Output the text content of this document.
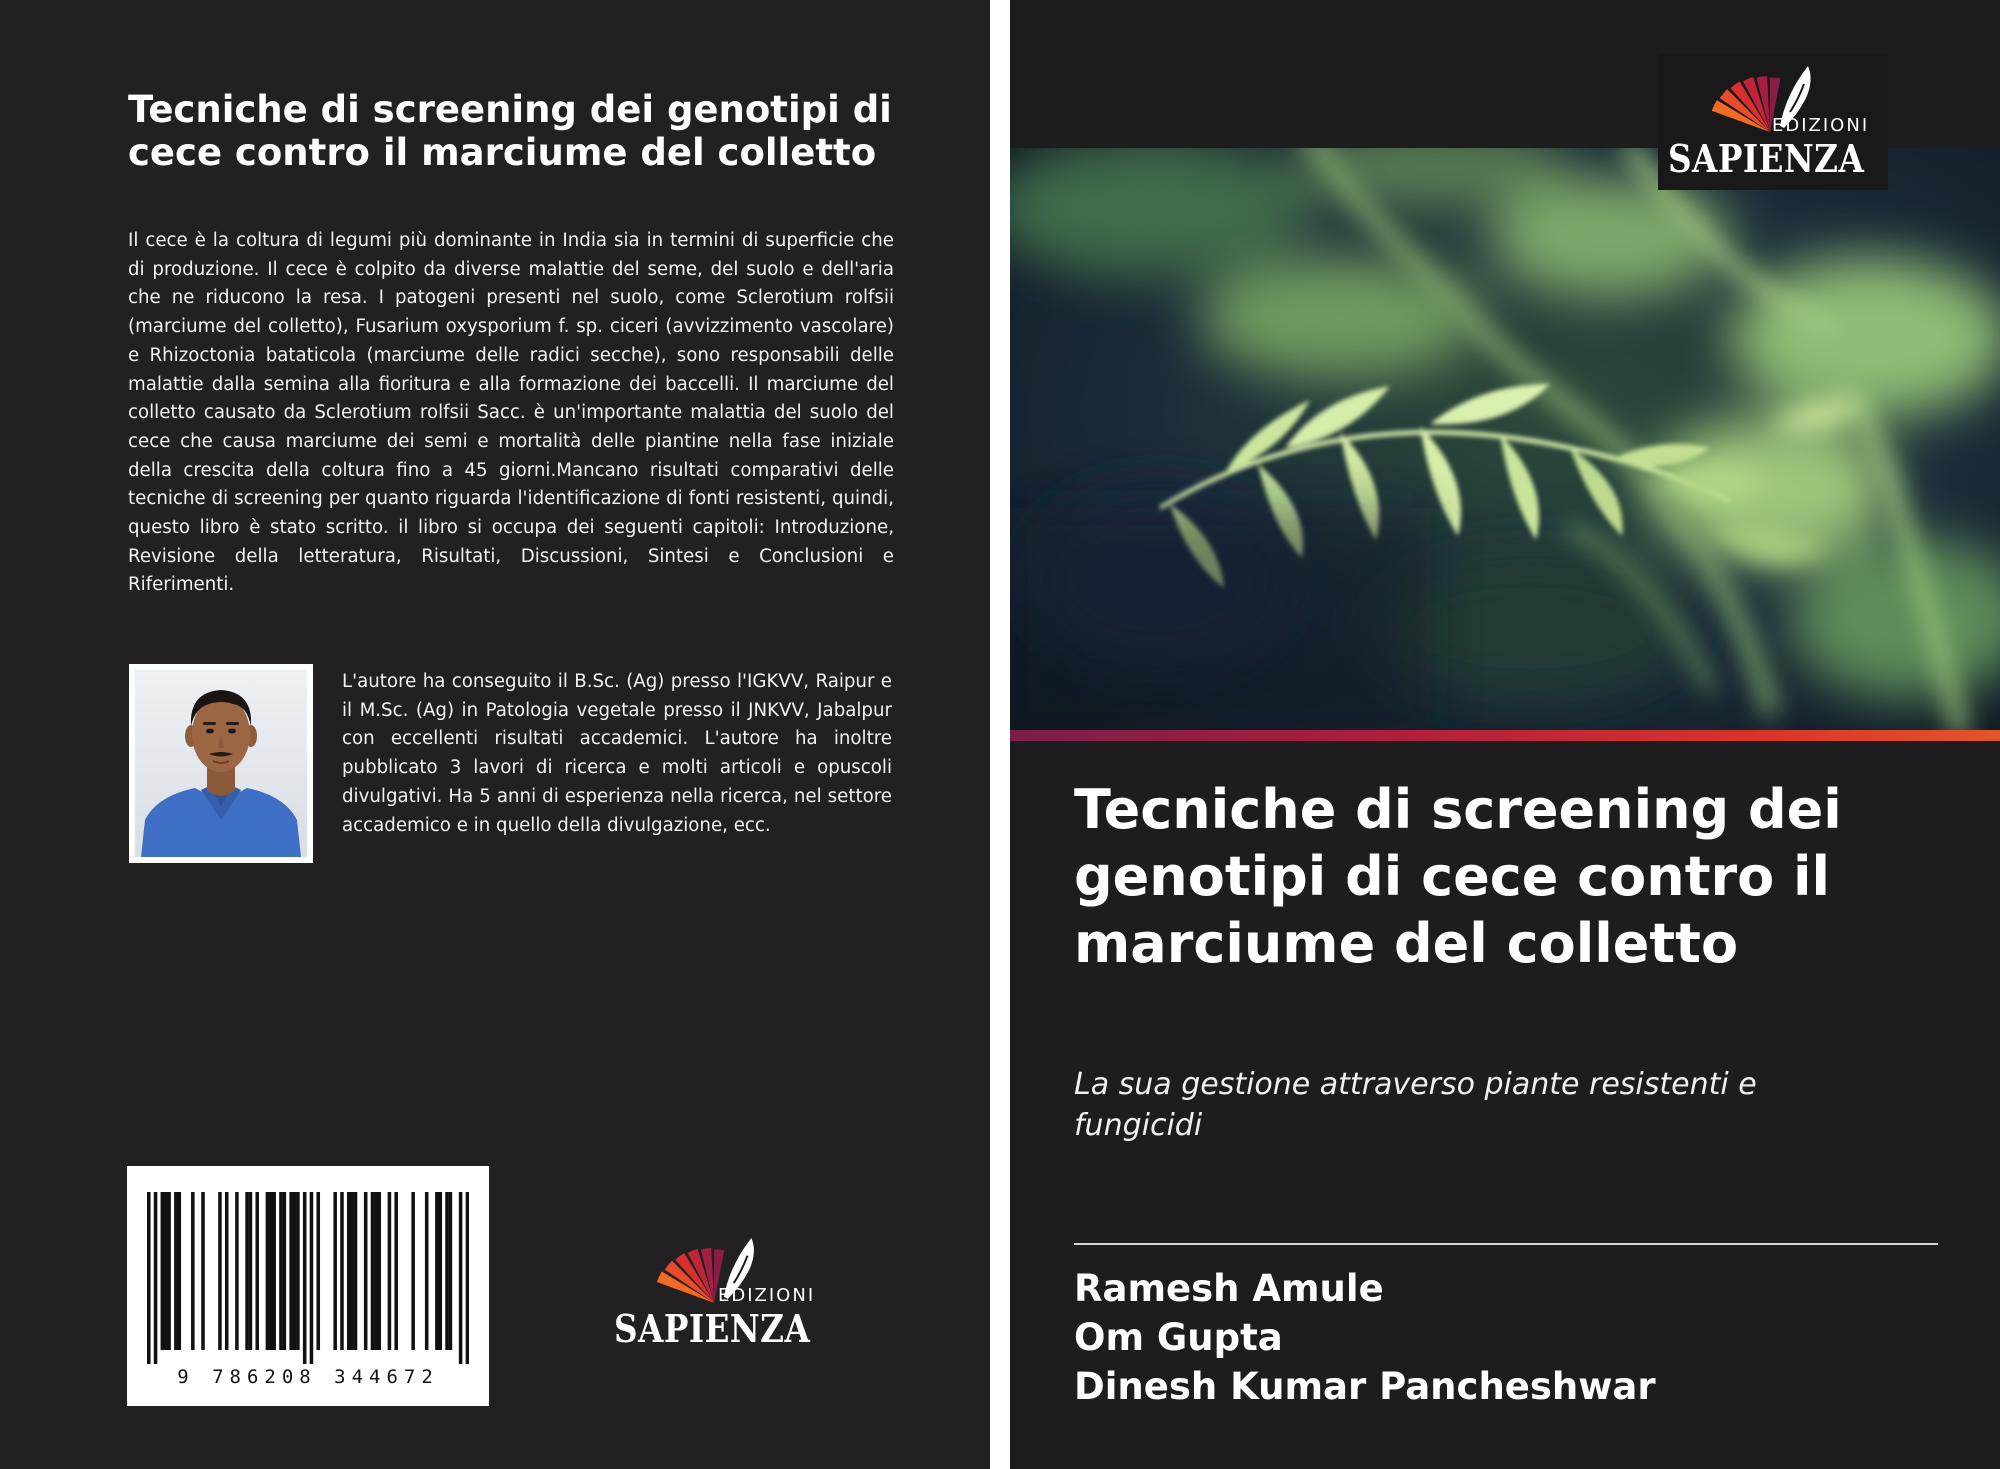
Tecniche di screening dei genotipi di cece contro il marciume del colletto

Il cece è la coltura di legumi più dominante in India sia in termini di superficie che di produzione. Il cece è colpito da diverse malattie del seme, del suolo e dell'aria che ne riducono la resa. I patogeni presenti nel suolo, come Sclerotium rolfsii (marciume del colletto), Fusarium oxysporium f. sp. ciceri (avvizzimento vascolare) e Rhizoctonia bataticola (marciume delle radici secche), sono responsabili delle malattie dalla semina alla fioritura e alla formazione dei baccelli. Il marciume del colletto causato da Sclerotium rolfsii Sacc. è un'importante malattia del suolo del cece che causa marciume dei semi e mortalità delle piantine nella fase iniziale della crescita della coltura fino a 45 giorni.Mancano risultati comparativi delle tecniche di screening per quanto riguarda l'identificazione di fonti resistenti, quindi, questo libro è stato scritto. il libro si occupa dei seguenti capitoli: Introduzione, Revisione della letteratura, Risultati, Discussioni, Sintesi e Conclusioni e Riferimenti.

L'autore ha conseguito il B.Sc. (Ag) presso l'IGKVV, Raipur e il M.Sc. (Ag) in Patologia vegetale presso il JNKVV, Jabalpur con eccellenti risultati accademici. L'autore ha inoltre pubblicato 3 lavori di ricerca e molti articoli e opuscoli divulgativi. Ha 5 anni di esperienza nella ricerca, nel settore accademico e in quello della divulgazione, ecc.

9 786208 344672
EDIZIONI
SAPIENZA
EDIZIONI
SAPIENZA
Tecniche di screening dei genotipi di cece contro il marciume del colletto

La sua gestione attraverso piante resistenti e fungicidi

Ramesh Amule
Om Gupta
Dinesh Kumar Pancheshwar
